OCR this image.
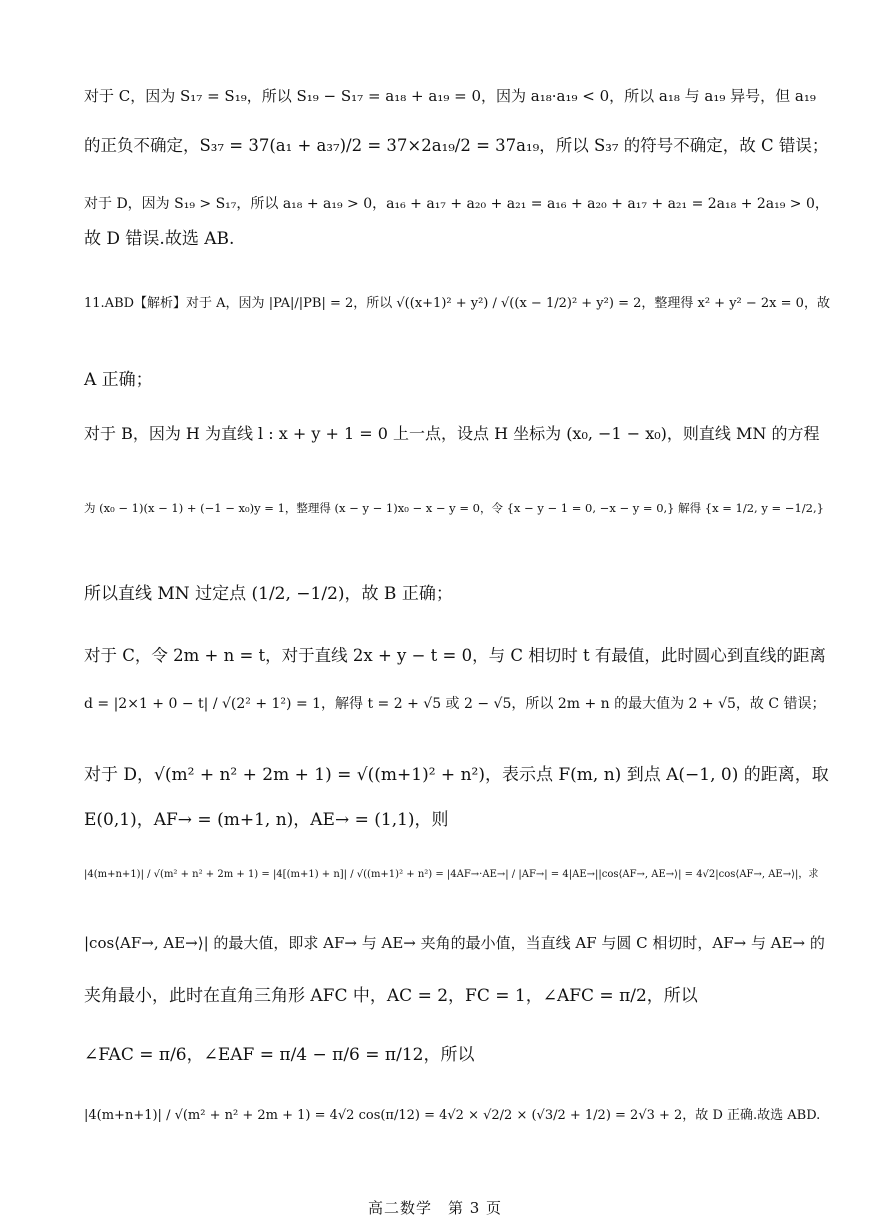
对于 C，因为 S₁₇ = S₁₉，所以 S₁₉ − S₁₇ = a₁₈ + a₁₉ = 0，因为 a₁₈·a₁₉ < 0，所以 a₁₈ 与 a₁₉ 异号，但 a₁₉
的正负不确定，S₃₇ = 37(a₁ + a₃₇)/2 = 37×2a₁₉/2 = 37a₁₉，所以 S₃₇ 的符号不确定，故 C 错误；
对于 D，因为 S₁₉ > S₁₇，所以 a₁₈ + a₁₉ > 0，a₁₆ + a₁₇ + a₂₀ + a₂₁ = a₁₆ + a₂₀ + a₁₇ + a₂₁ = 2a₁₈ + 2a₁₉ > 0，
故 D 错误.故选 AB.
11.ABD【解析】对于 A，因为 |PA|/|PB| = 2，所以 √((x+1)² + y²) / √((x − 1/2)² + y²) = 2，整理得 x² + y² − 2x = 0，故
A 正确；
对于 B，因为 H 为直线 l : x + y + 1 = 0 上一点，设点 H 坐标为 (x₀, −1 − x₀)，则直线 MN 的方程
为 (x₀ − 1)(x − 1) + (−1 − x₀)y = 1，整理得 (x − y − 1)x₀ − x − y = 0，令 {x − y − 1 = 0, −x − y = 0,} 解得 {x = 1/2, y = −1/2,}
所以直线 MN 过定点 (1/2, −1/2)，故 B 正确；
对于 C，令 2m + n = t，对于直线 2x + y − t = 0，与 C 相切时 t 有最值，此时圆心到直线的距离
d = |2×1 + 0 − t| / √(2² + 1²) = 1，解得 t = 2 + √5 或 2 − √5，所以 2m + n 的最大值为 2 + √5，故 C 错误；
对于 D，√(m² + n² + 2m + 1) = √((m+1)² + n²)，表示点 F(m, n) 到点 A(−1, 0) 的距离，取
E(0,1)，AF→ = (m+1, n)，AE→ = (1,1)，则
|4(m+n+1)| / √(m² + n² + 2m + 1) = |4[(m+1) + n]| / √((m+1)² + n²) = |4AF→·AE→| / |AF→| = 4|AE→||cos⟨AF→, AE→⟩| = 4√2|cos⟨AF→, AE→⟩|，求
|cos⟨AF→, AE→⟩| 的最大值，即求 AF→ 与 AE→ 夹角的最小值，当直线 AF 与圆 C 相切时，AF→ 与 AE→ 的
夹角最小，此时在直角三角形 AFC 中，AC = 2，FC = 1，∠AFC = π/2，所以
∠FAC = π/6，∠EAF = π/4 − π/6 = π/12，所以
|4(m+n+1)| / √(m² + n² + 2m + 1) = 4√2 cos(π/12) = 4√2 × √2/2 × (√3/2 + 1/2) = 2√3 + 2，故 D 正确.故选 ABD.
高二数学　第 3 页
